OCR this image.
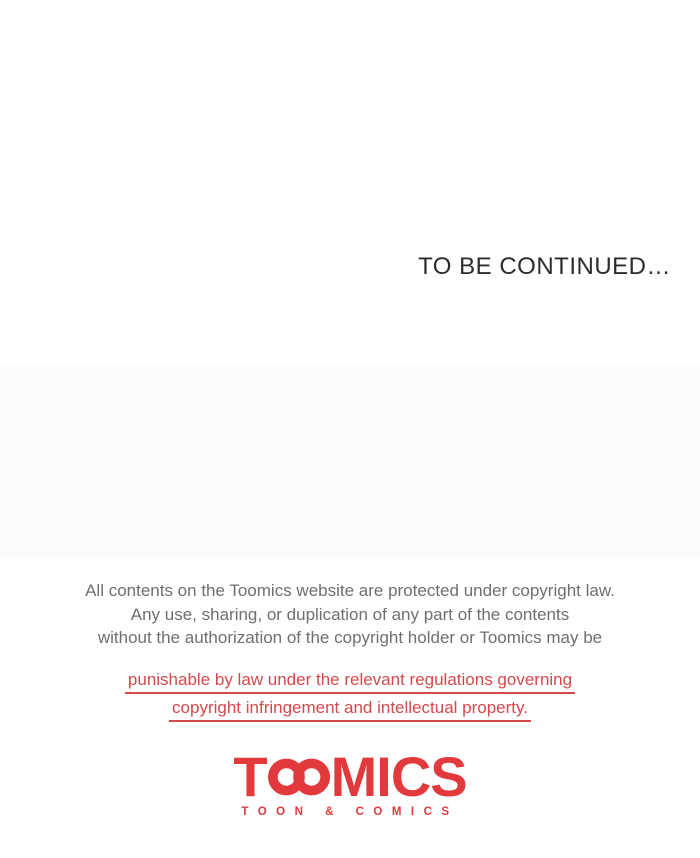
TO BE CONTINUED…
All contents on the Toomics website are protected under copyright law.
Any use, sharing, or duplication of any part of the contents
without the authorization of the copyright holder or Toomics may be
punishable by law under the relevant regulations governing
copyright infringement and intellectual property.
T MICS
TOON & COMICS
